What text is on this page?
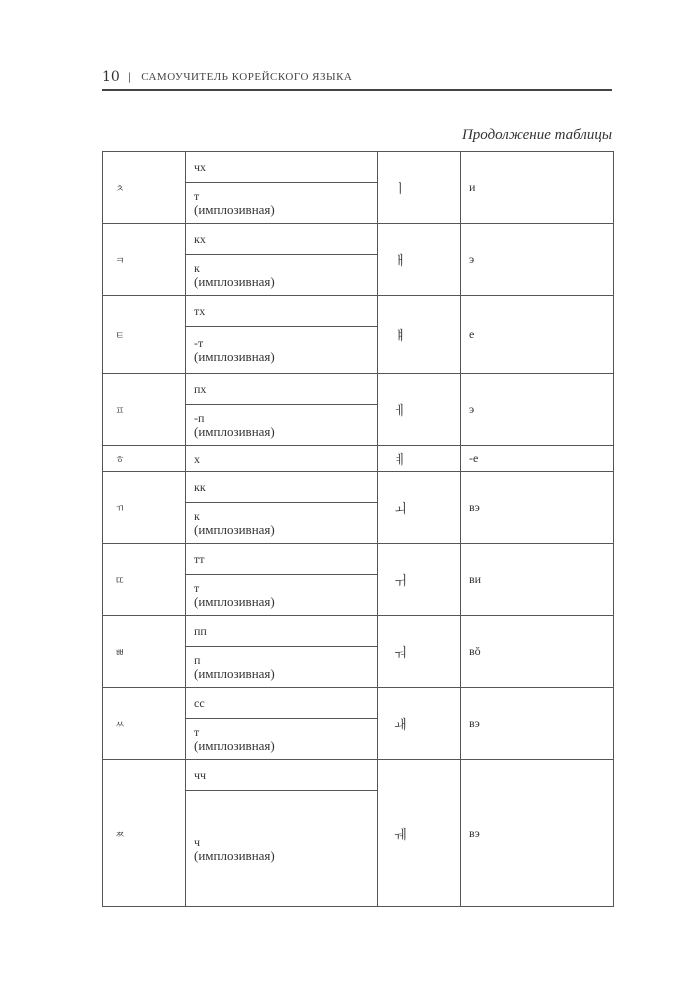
10 | САМОУЧИТЕЛЬ КОРЕЙСКОГО ЯЗЫКА
Продолжение таблицы
ㅊ	чх	ㅣ	и

	т
(имплозивная)		

ㅋ	кх	ㅐ	э

	к
(имплозивная)		

ㅌ	тх	ㅒ	е

	-т
(имплозивная)		

ㅍ	пх	ㅔ	э

	-п
(имплозивная)		

ㅎ	х	ㅖ	-е
ㄲ	кк	ㅚ	вэ

	к
(имплозивная)		

ㄸ	тт	ㅟ	ви

	т
(имплозивная)		

ㅃ	пп	ㅝ	вŏ

	п
(имплозивная)		

ㅆ	сс	ㅙ	вэ

	т
(имплозивная)		

ㅉ	чч	ㅞ	вэ

	ч
(имплозивная)		
